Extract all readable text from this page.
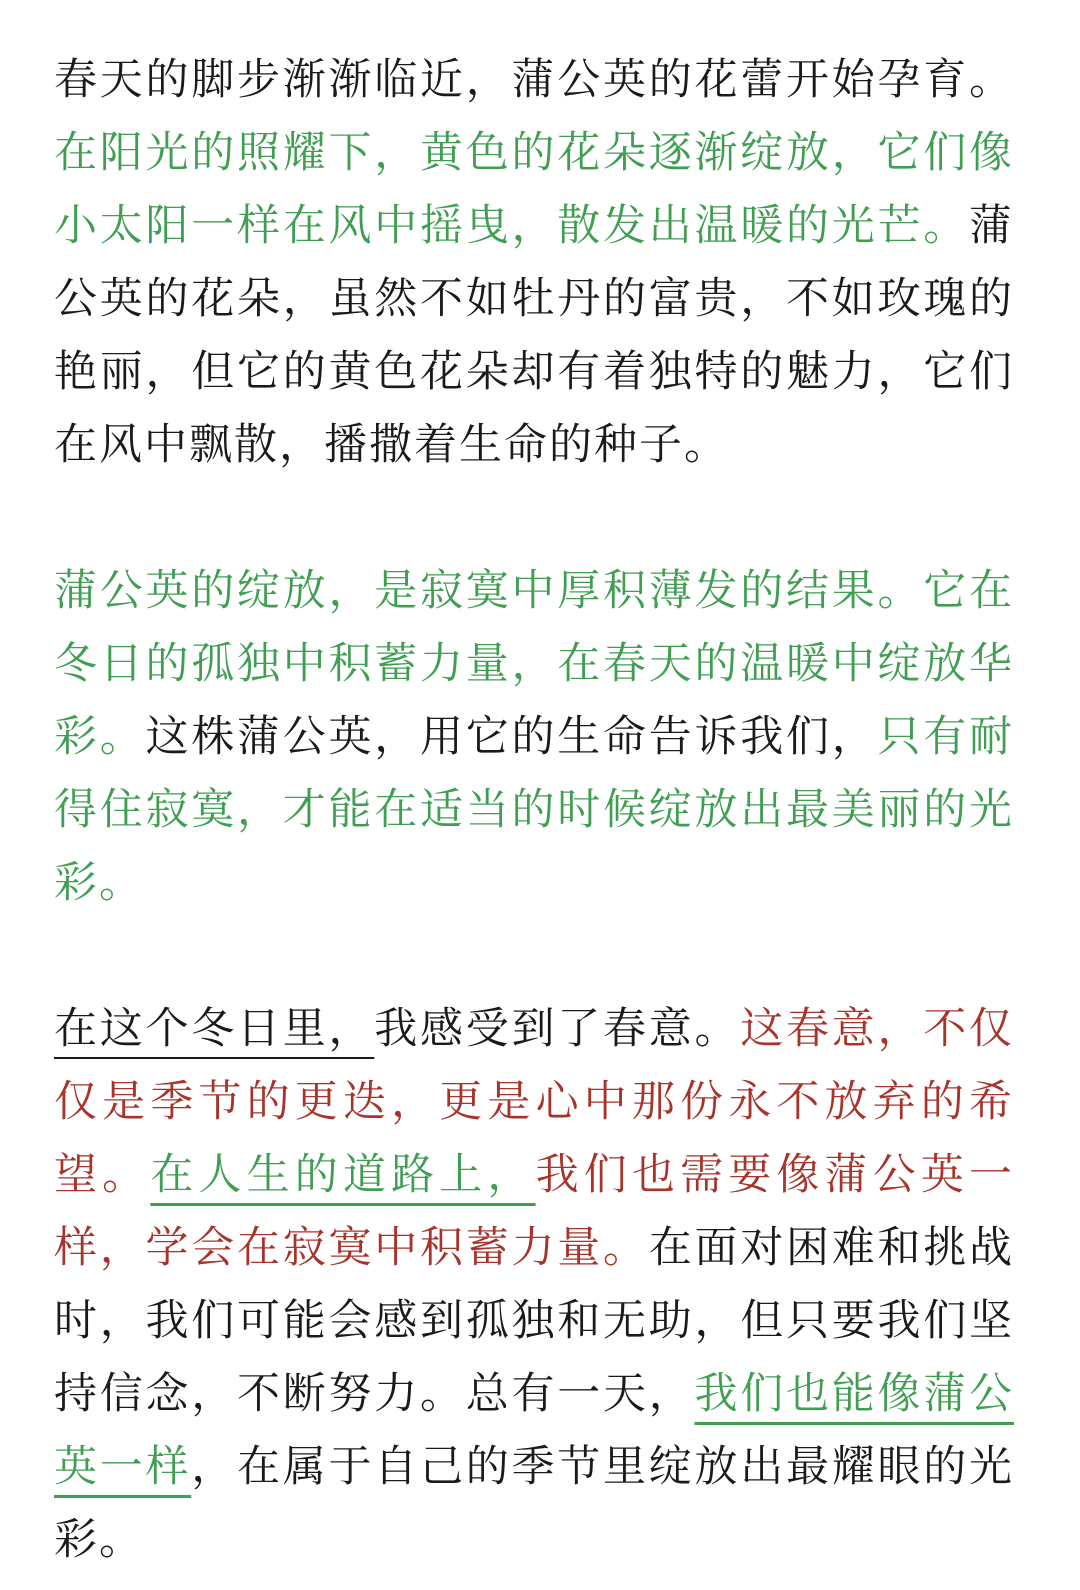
春天的脚步渐渐临近，蒲公英的花蕾开始孕育。在阳光的照耀下，黄色的花朵逐渐绽放，它们像小太阳一样在风中摇曳，散发出温暖的光芒。蒲公英的花朵，虽然不如牡丹的富贵，不如玫瑰的艳丽，但它的黄色花朵却有着独特的魅力，它们在风中飘散，播撒着生命的种子。

蒲公英的绽放，是寂寞中厚积薄发的结果。它在冬日的孤独中积蓄力量，在春天的温暖中绽放华彩。这株蒲公英，用它的生命告诉我们，只有耐得住寂寞，才能在适当的时候绽放出最美丽的光彩。

在这个冬日里，我感受到了春意。这春意，不仅仅是季节的更迭，更是心中那份永不放弃的希望。在人生的道路上，我们也需要像蒲公英一样，学会在寂寞中积蓄力量。在面对困难和挑战时，我们可能会感到孤独和无助，但只要我们坚持信念，不断努力。总有一天，我们也能像蒲公英一样，在属于自己的季节里绽放出最耀眼的光彩。
